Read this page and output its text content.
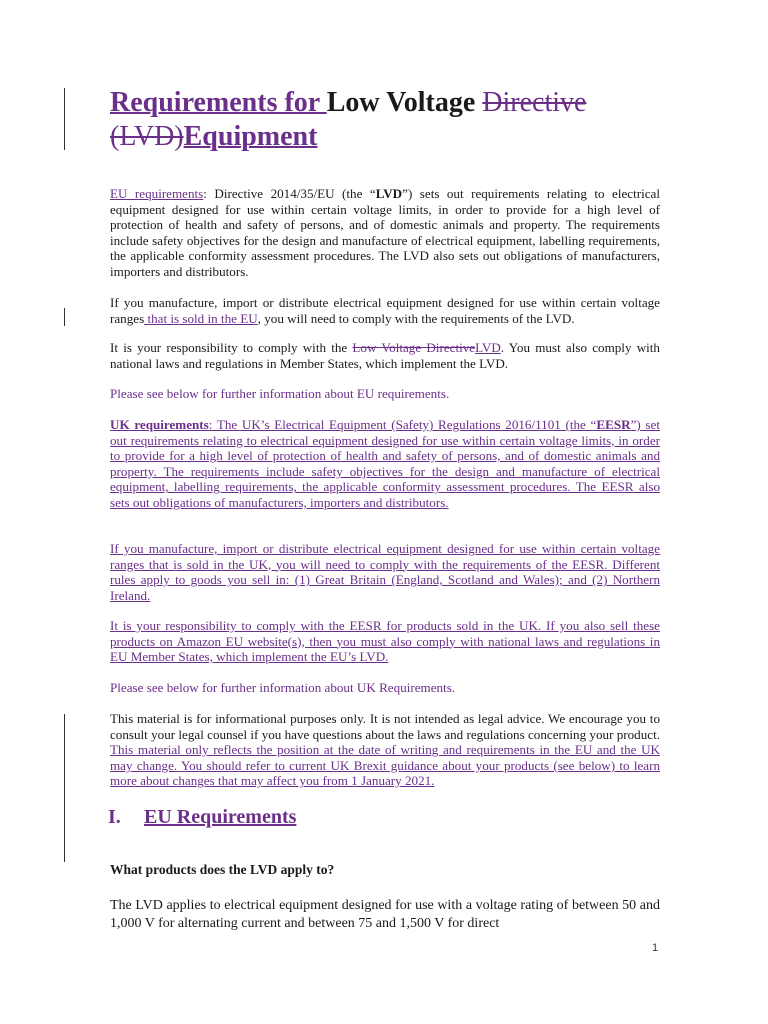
Requirements for Low Voltage Directive (LVD)Equipment

EU requirements: Directive 2014/35/EU (the “LVD”) sets out requirements relating to electrical equipment designed for use within certain voltage limits, in order to provide for a high level of protection of health and safety of persons, and of domestic animals and property. The requirements include safety objectives for the design and manufacture of electrical equipment, labelling requirements, the applicable conformity assessment procedures. The LVD also sets out obligations of manufacturers, importers and distributors.

If you manufacture, import or distribute electrical equipment designed for use within certain voltage ranges that is sold in the EU, you will need to comply with the requirements of the LVD.

It is your responsibility to comply with the Low Voltage DirectiveLVD. You must also comply with national laws and regulations in Member States, which implement the LVD.

Please see below for further information about EU requirements.

UK requirements: The UK’s Electrical Equipment (Safety) Regulations 2016/1101 (the “EESR”) set out requirements relating to electrical equipment designed for use within certain voltage limits, in order to provide for a high level of protection of health and safety of persons, and of domestic animals and property. The requirements include safety objectives for the design and manufacture of electrical equipment, labelling requirements, the applicable conformity assessment procedures. The EESR also sets out obligations of manufacturers, importers and distributors.

If you manufacture, import or distribute electrical equipment designed for use within certain voltage ranges that is sold in the UK, you will need to comply with the requirements of the EESR. Different rules apply to goods you sell in: (1) Great Britain (England, Scotland and Wales); and (2) Northern Ireland.

It is your responsibility to comply with the EESR for products sold in the UK. If you also sell these products on Amazon EU website(s), then you must also comply with national laws and regulations in EU Member States, which implement the EU’s LVD.

Please see below for further information about UK Requirements.

This material is for informational purposes only. It is not intended as legal advice. We encourage you to consult your legal counsel if you have questions about the laws and regulations concerning your product. This material only reflects the position at the date of writing and requirements in the EU and the UK may change. You should refer to current UK Brexit guidance about your products (see below) to learn more about changes that may affect you from 1 January 2021.

I. EU Requirements

What products does the LVD apply to?

The LVD applies to electrical equipment designed for use with a voltage rating of between 50 and 1,000 V for alternating current and between 75 and 1,500 V for direct

1
